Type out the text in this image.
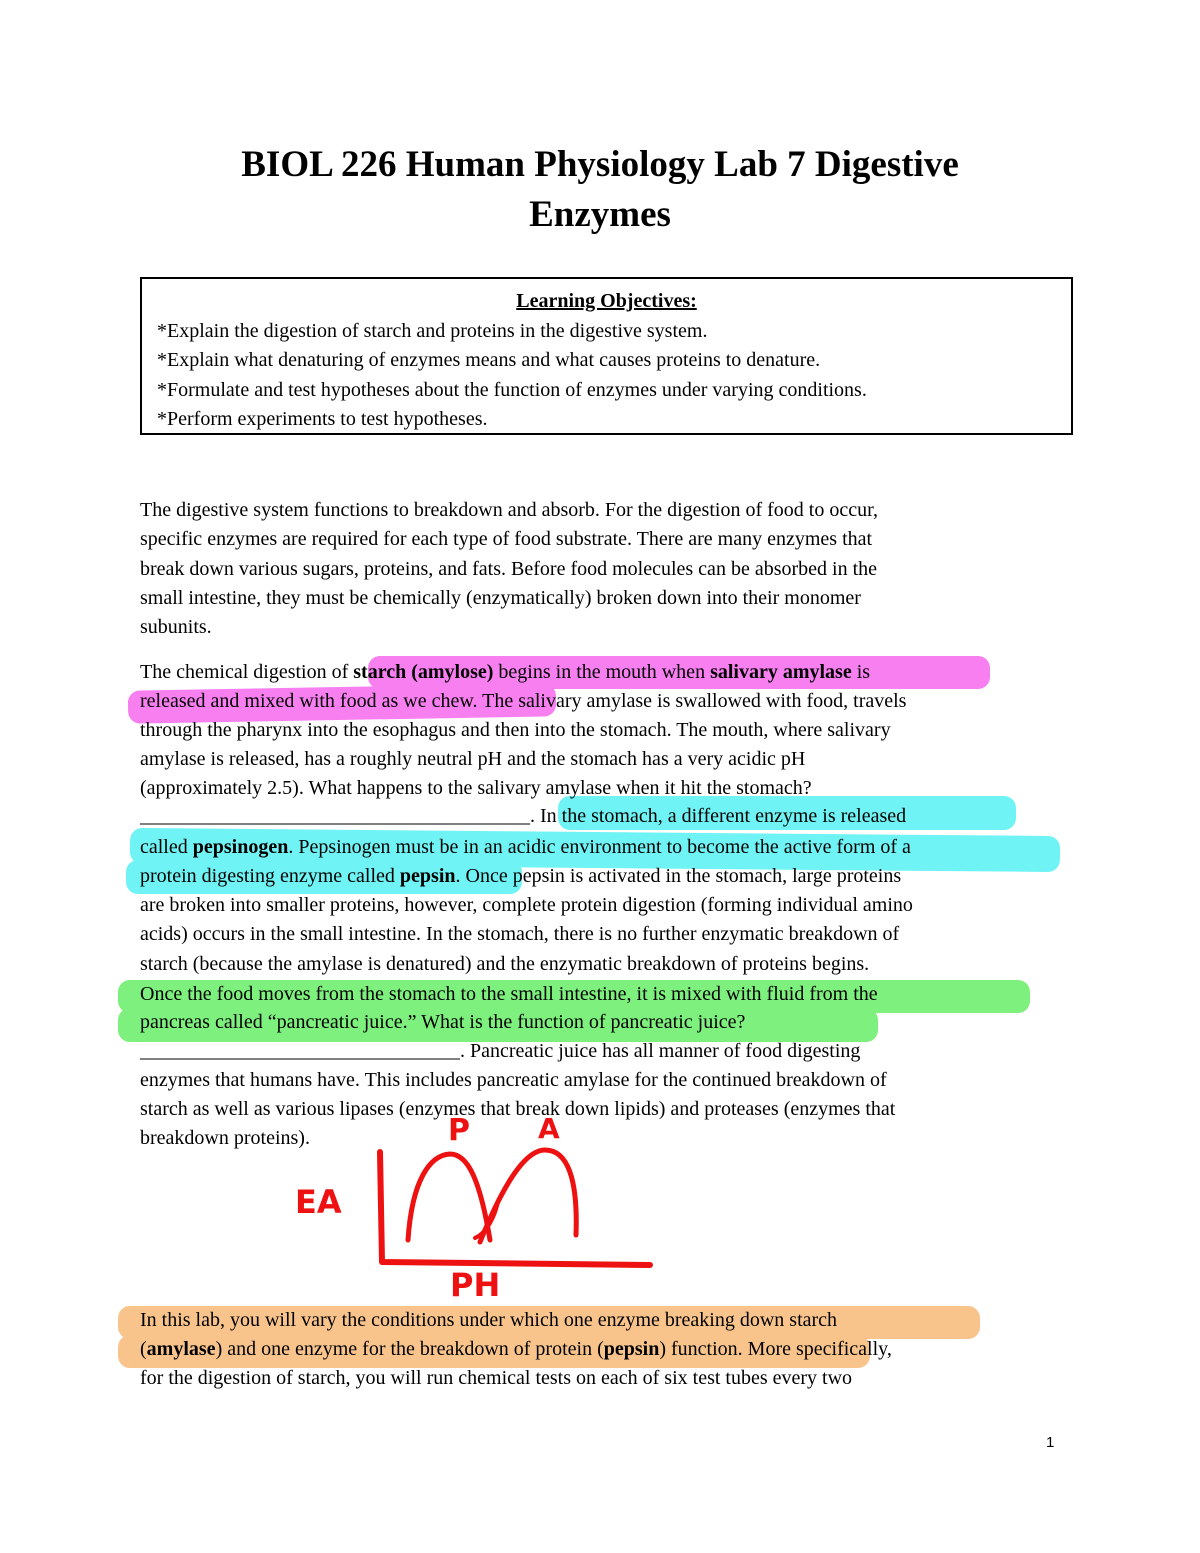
BIOL 226 Human Physiology Lab 7 Digestive
Enzymes
Learning Objectives:
*Explain the digestion of starch and proteins in the digestive system.
*Explain what denaturing of enzymes means and what causes proteins to denature.
*Formulate and test hypotheses about the function of enzymes under varying conditions.
*Perform experiments to test hypotheses.
The digestive system functions to breakdown and absorb. For the digestion of food to occur,
specific enzymes are required for each type of food substrate. There are many enzymes that
break down various sugars, proteins, and fats. Before food molecules can be absorbed in the
small intestine, they must be chemically (enzymatically) broken down into their monomer
subunits.
The chemical digestion of starch (amylose) begins in the mouth when salivary amylase is
released and mixed with food as we chew. The salivary amylase is swallowed with food, travels
through the pharynx into the esophagus and then into the stomach. The mouth, where salivary
amylase is released, has a roughly neutral pH and the stomach has a very acidic pH
(approximately 2.5). What happens to the salivary amylase when it hit the stomach?
_______________________________________. In the stomach, a different enzyme is released
called pepsinogen. Pepsinogen must be in an acidic environment to become the active form of a
protein digesting enzyme called pepsin. Once pepsin is activated in the stomach, large proteins
are broken into smaller proteins, however, complete protein digestion (forming individual amino
acids) occurs in the small intestine. In the stomach, there is no further enzymatic breakdown of
starch (because the amylase is denatured) and the enzymatic breakdown of proteins begins.
Once the food moves from the stomach to the small intestine, it is mixed with fluid from the
pancreas called “pancreatic juice.” What is the function of pancreatic juice?
________________________________. Pancreatic juice has all manner of food digesting
enzymes that humans have. This includes pancreatic amylase for the continued breakdown of
starch as well as various lipases (enzymes that break down lipids) and proteases (enzymes that
breakdown proteins).
EA
P A
PH
In this lab, you will vary the conditions under which one enzyme breaking down starch
(amylase) and one enzyme for the breakdown of protein (pepsin) function. More specifically,
for the digestion of starch, you will run chemical tests on each of six test tubes every two
1
